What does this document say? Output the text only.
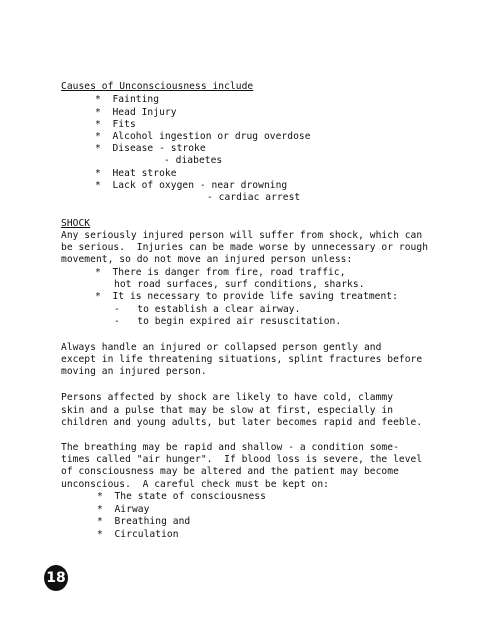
Causes of Unconsciousness include
*  Fainting
*  Head Injury
*  Fits
*  Alcohol ingestion or drug overdose
*  Disease - stroke
- diabetes
*  Heat stroke
*  Lack of oxygen - near drowning
- cardiac arrest
SHOCK
Any seriously injured person will suffer from shock, which can
be serious.  Injuries can be made worse by unnecessary or rough
movement, so do not move an injured person unless:
*  There is danger from fire, road traffic,
hot road surfaces, surf conditions, sharks.
*  It is necessary to provide life saving treatment:
-   to establish a clear airway.
-   to begin expired air resuscitation.
Always handle an injured or collapsed person gently and
except in life threatening situations, splint fractures before
moving an injured person.
Persons affected by shock are likely to have cold, clammy
skin and a pulse that may be slow at first, especially in
children and young adults, but later becomes rapid and feeble.
The breathing may be rapid and shallow - a condition some-
times called "air hunger".  If blood loss is severe, the level
of consciousness may be altered and the patient may become
unconscious.  A careful check must be kept on:
*  The state of consciousness
*  Airway
*  Breathing and
*  Circulation
18
